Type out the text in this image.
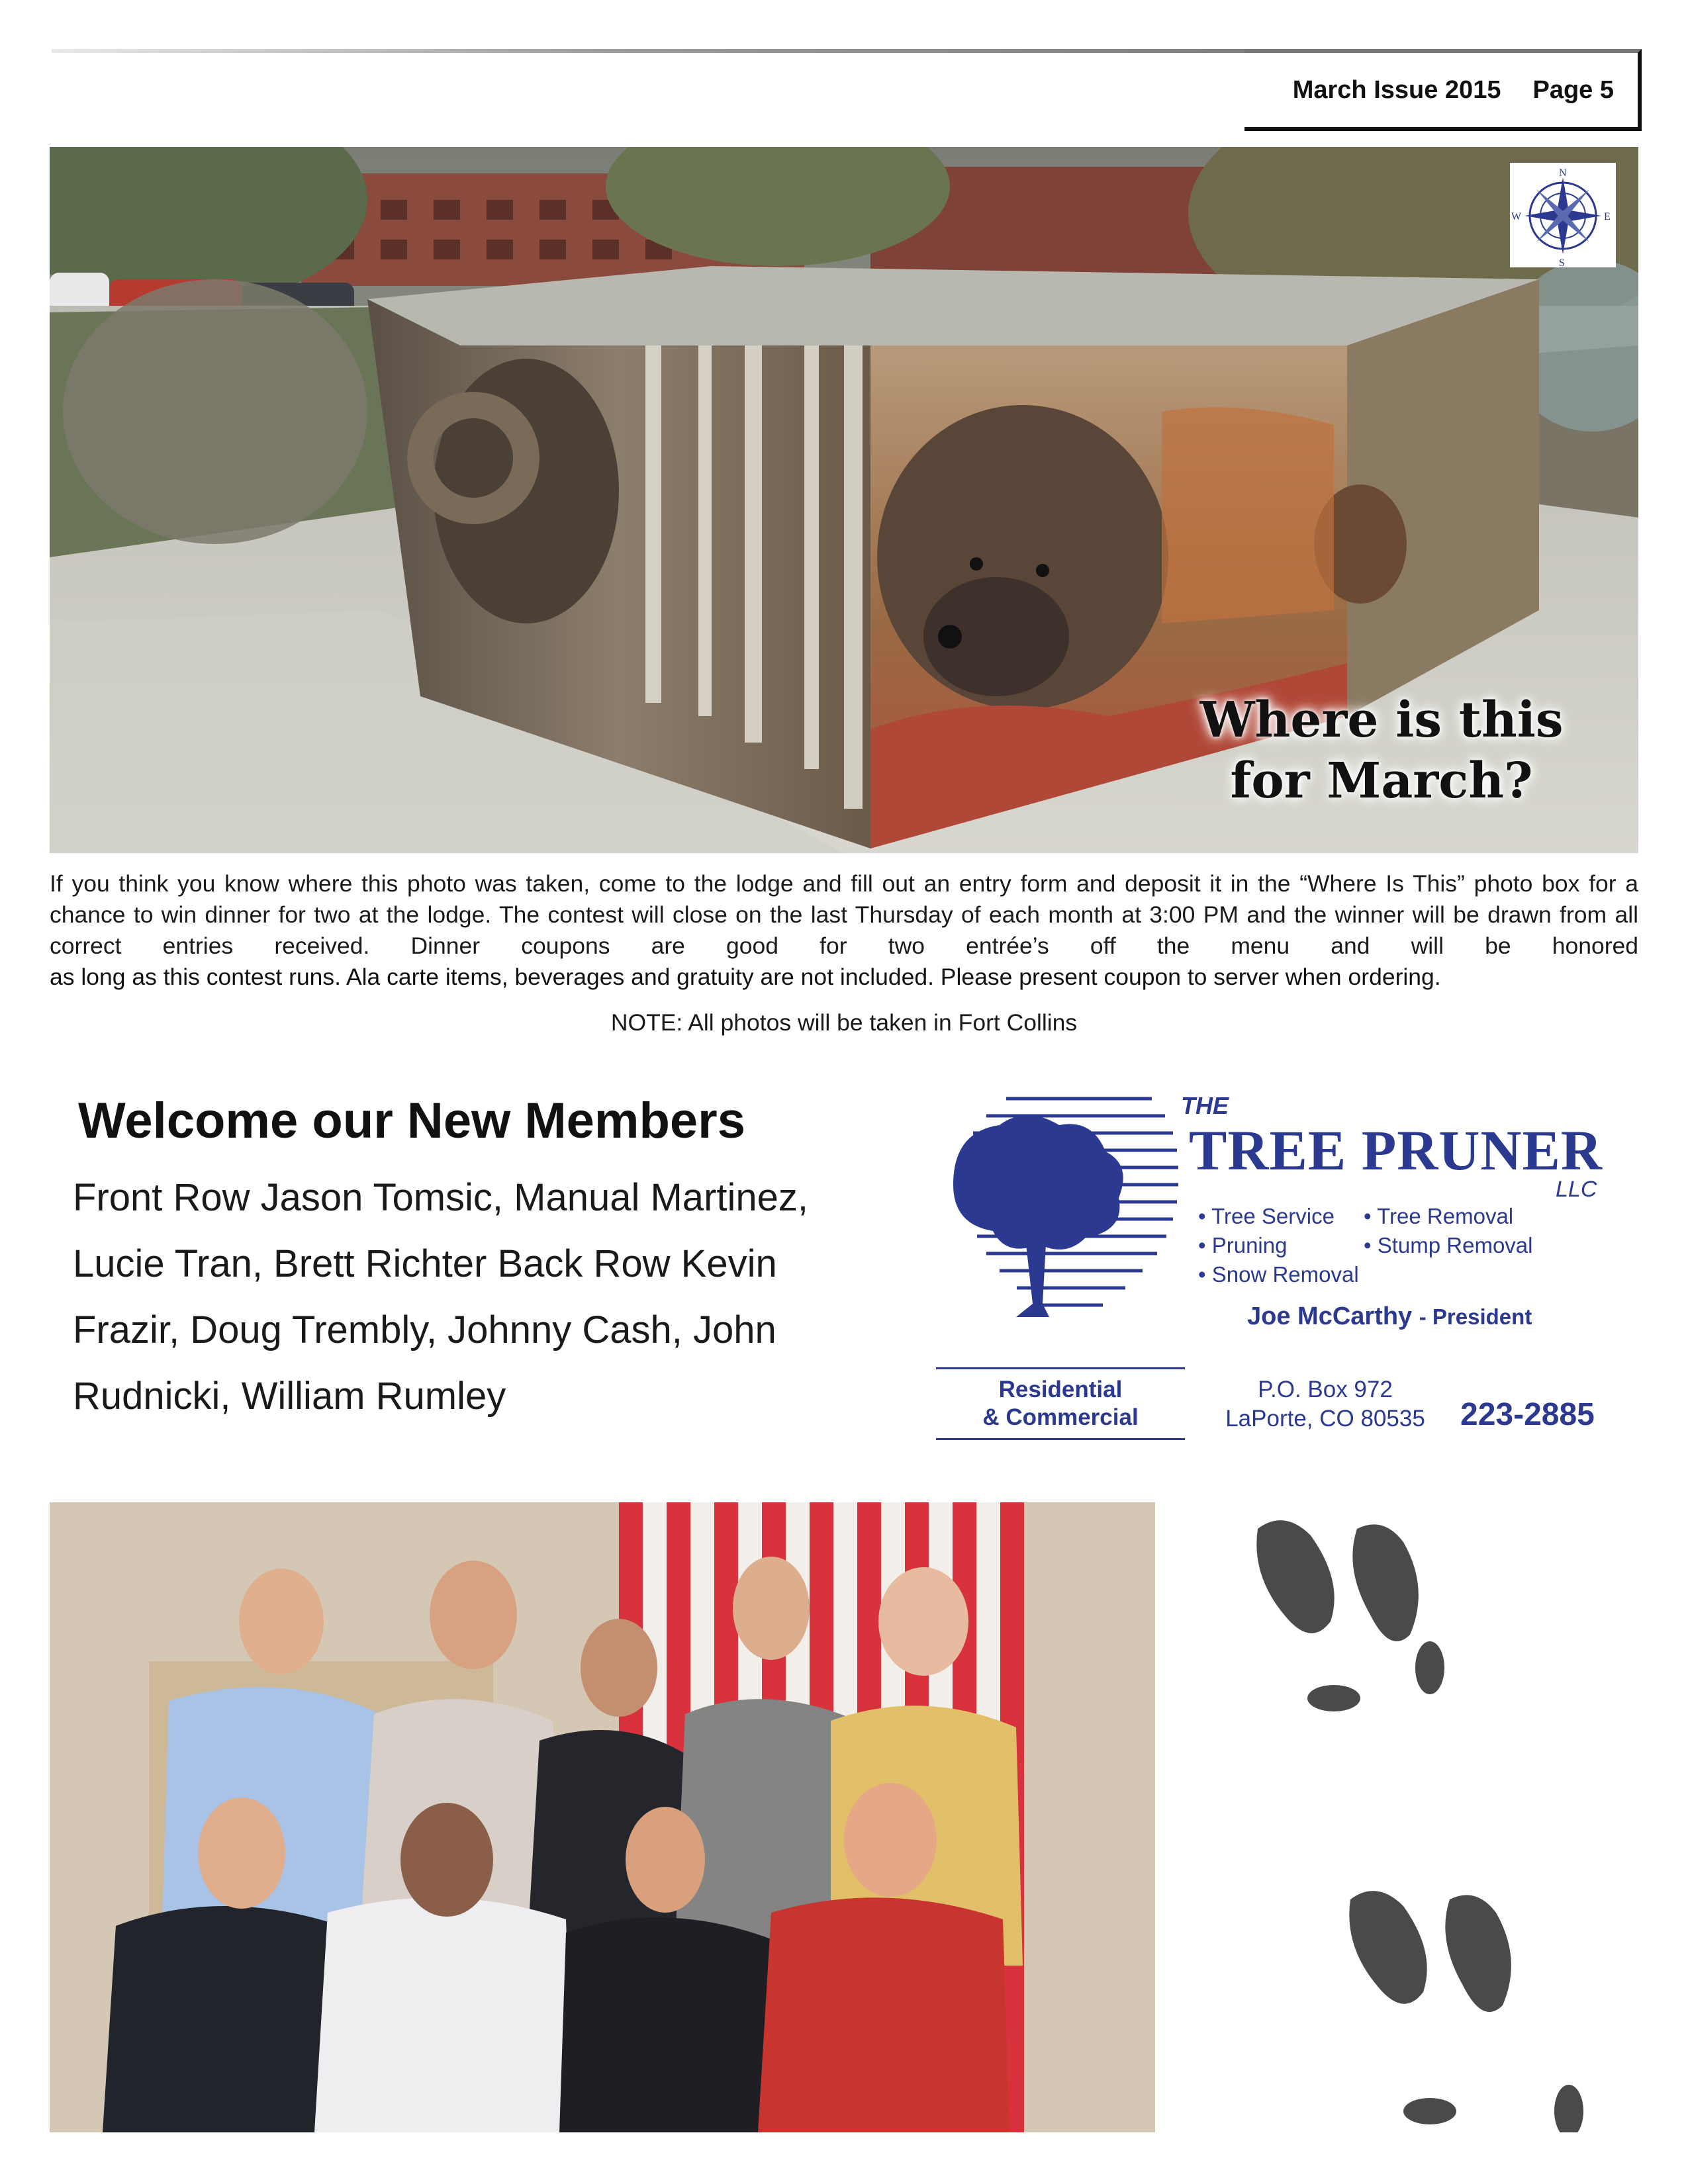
March Issue 2015 Page 5
N
E
S
W
Where is this
for March?

If you think you know where this photo was taken, come to the lodge and fill out an entry form and deposit it in the “Where Is This” photo box for a chance to win dinner for two at the lodge. The contest will close on the last Thursday of each month at 3:00 PM and the winner will be drawn from all correct entries received. Dinner coupons are good for two entrée’s off the menu and will be honored

as long as this contest runs. Ala carte items, beverages and gratuity are not included. Please present coupon to server when ordering.

NOTE: All photos will be taken in Fort Collins
Welcome our New Members

Front Row Jason Tomsic, Manual Martinez, Lucie Tran, Brett Richter Back Row Kevin Frazir, Doug Trembly, Johnny Cash, John Rudnicki, William Rumley

THE
TREE PRUNER
LLC
• Tree Service	• Tree Removal
• Pruning	• Stump Removal
• Snow Removal
Joe McCarthy - President
Residential
& Commercial
P.O. Box 972
LaPorte, CO 80535	223-2885
